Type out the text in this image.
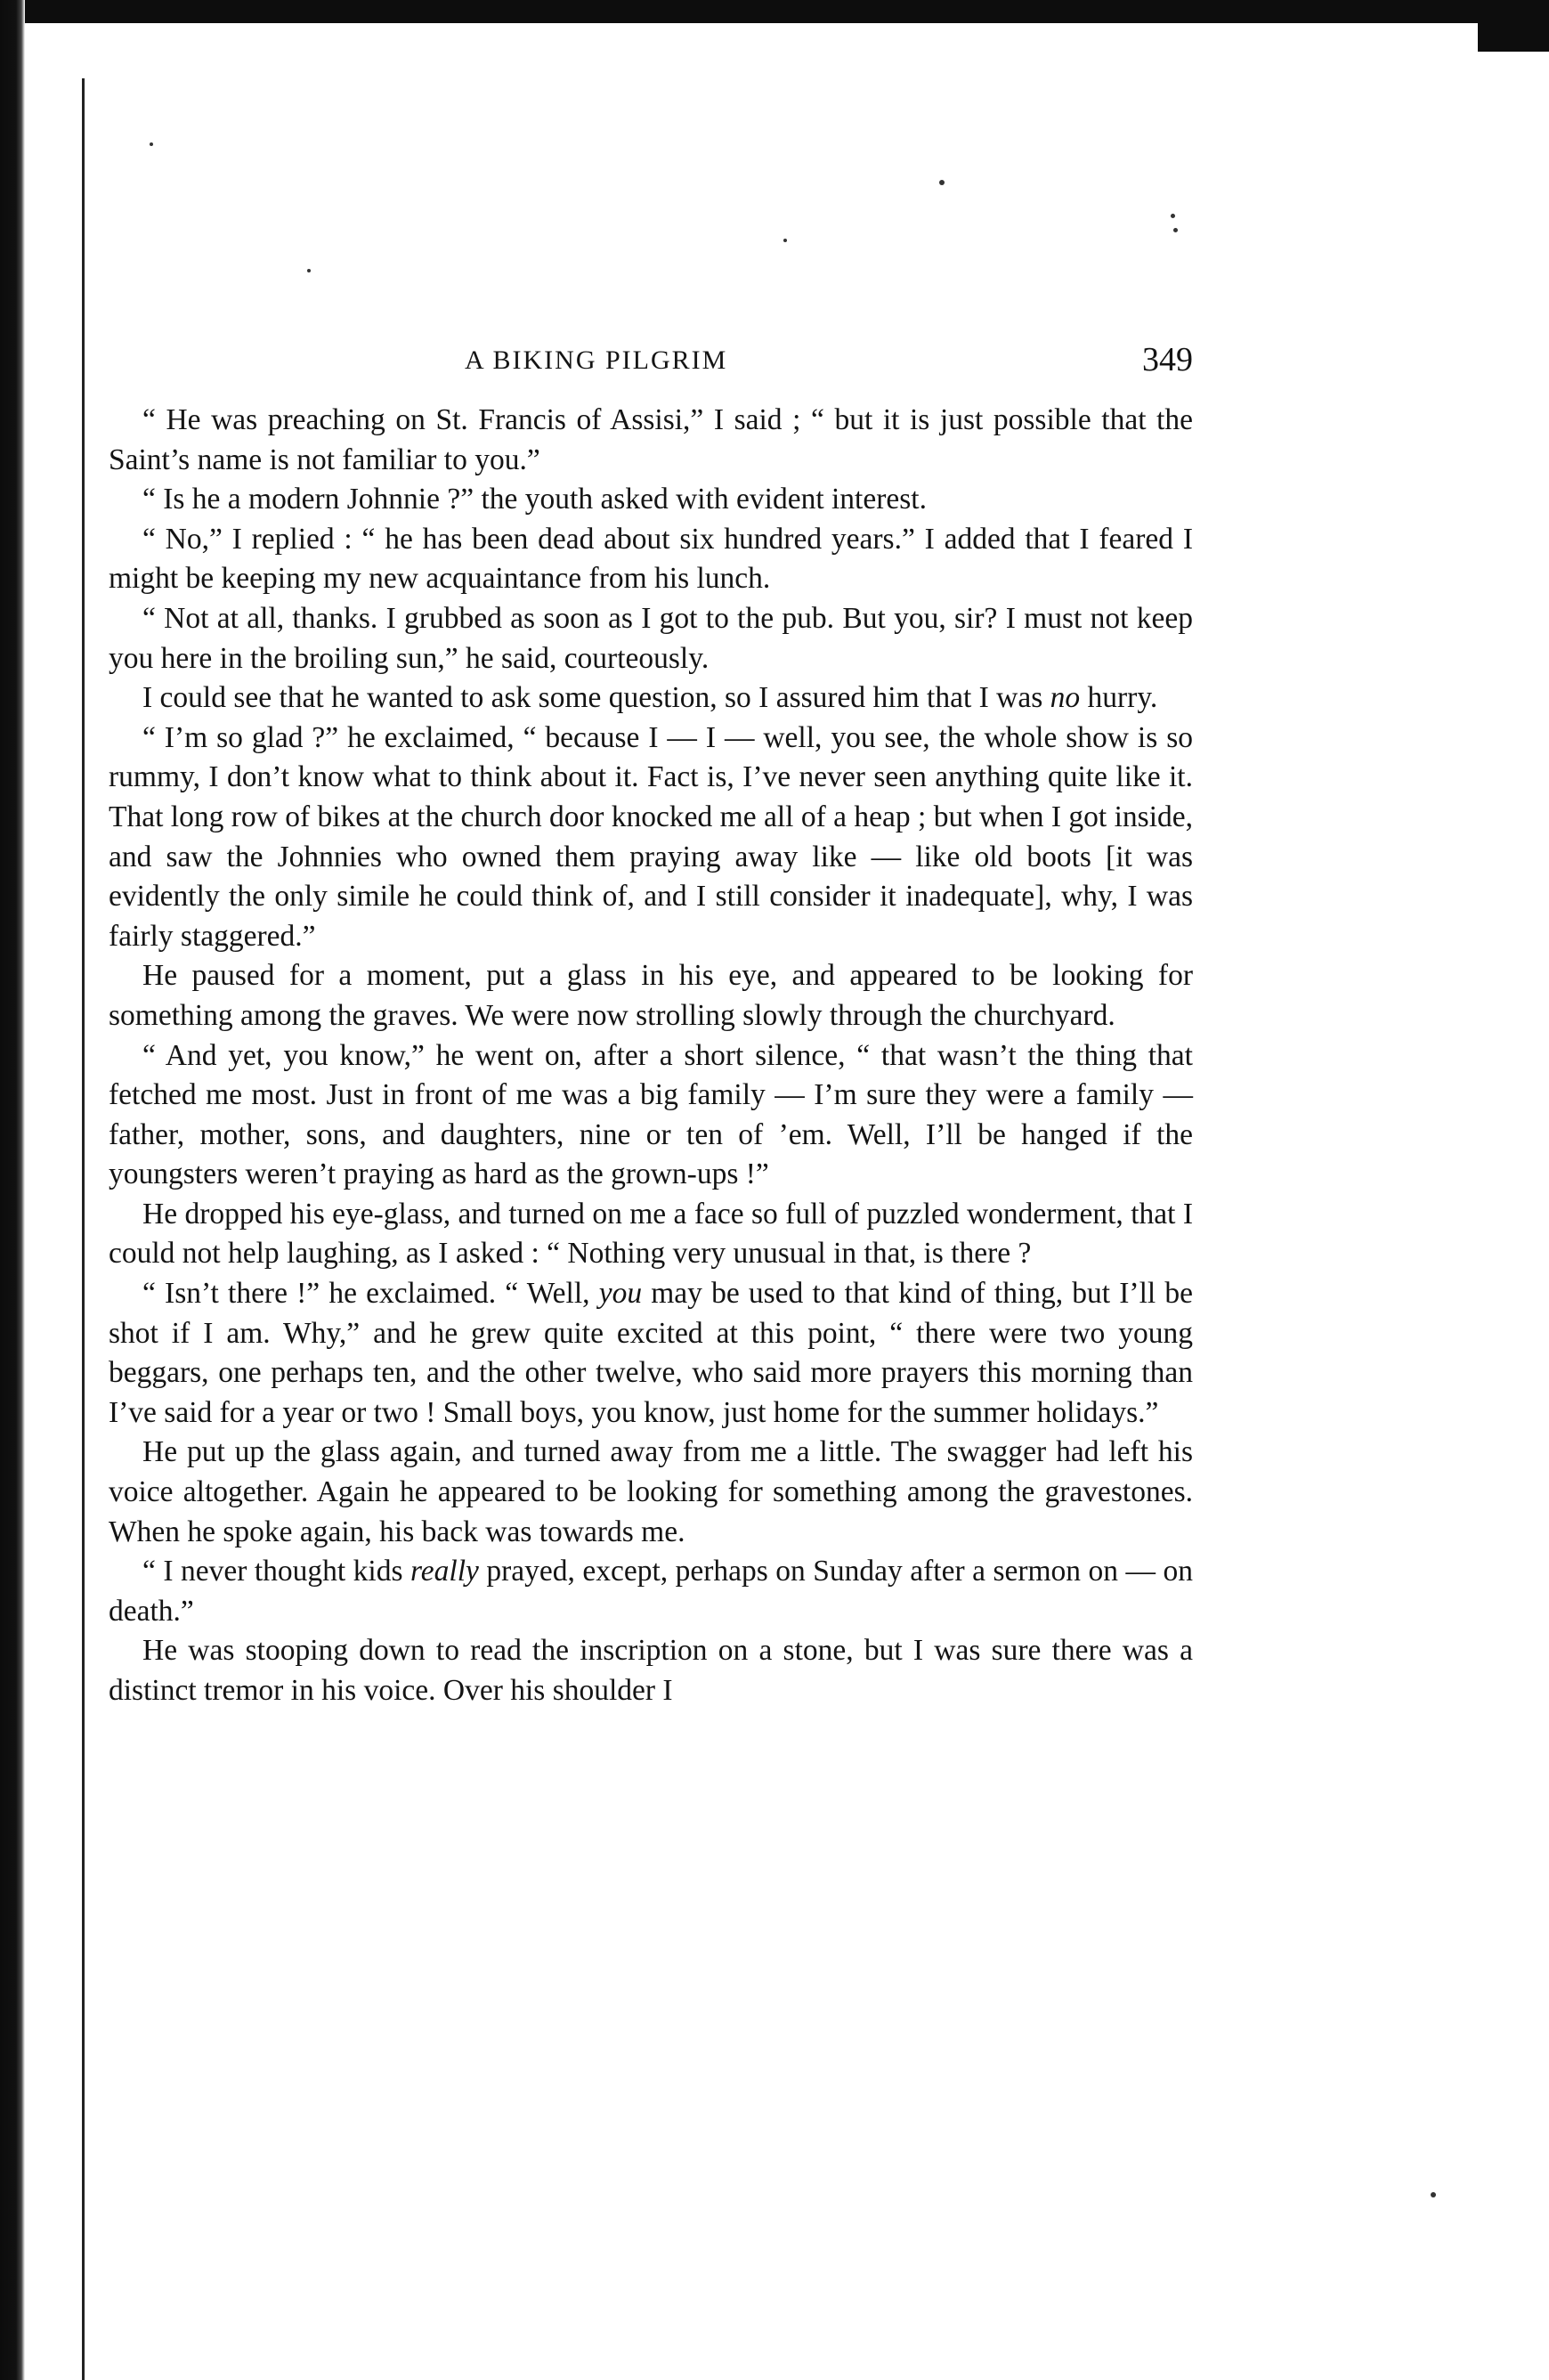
A BIKING PILGRIM	349

“ He was preaching on St. Francis of Assisi,” I said ; “ but it is just possible that the Saint’s name is not familiar to you.”

“ Is he a modern Johnnie ?” the youth asked with evident interest.

“ No,” I replied : “ he has been dead about six hundred years.” I added that I feared I might be keeping my new acquaintance from his lunch.

“ Not at all, thanks. I grubbed as soon as I got to the pub. But you, sir? I must not keep you here in the broiling sun,” he said, courteously.

I could see that he wanted to ask some question, so I assured him that I was no hurry.

“ I’m so glad ?” he exclaimed, “ because I — I — well, you see, the whole show is so rummy, I don’t know what to think about it. Fact is, I’ve never seen anything quite like it. That long row of bikes at the church door knocked me all of a heap ; but when I got inside, and saw the Johnnies who owned them praying away like — like old boots [it was evidently the only simile he could think of, and I still consider it inadequate], why, I was fairly staggered.”

He paused for a moment, put a glass in his eye, and appeared to be looking for something among the graves. We were now strolling slowly through the churchyard.

“ And yet, you know,” he went on, after a short silence, “ that wasn’t the thing that fetched me most. Just in front of me was a big family — I’m sure they were a family — father, mother, sons, and daughters, nine or ten of ’em. Well, I’ll be hanged if the youngsters weren’t praying as hard as the grown-ups !”

He dropped his eye-glass, and turned on me a face so full of puzzled wonderment, that I could not help laughing, as I asked : “ Nothing very unusual in that, is there ?

“ Isn’t there !” he exclaimed. “ Well, you may be used to that kind of thing, but I’ll be shot if I am. Why,” and he grew quite excited at this point, “ there were two young beggars, one perhaps ten, and the other twelve, who said more prayers this morning than I’ve said for a year or two ! Small boys, you know, just home for the summer holidays.”

He put up the glass again, and turned away from me a little. The swagger had left his voice altogether. Again he appeared to be looking for something among the gravestones. When he spoke again, his back was towards me.

“ I never thought kids really prayed, except, perhaps on Sunday after a sermon on — on death.”

He was stooping down to read the inscription on a stone, but I was sure there was a distinct tremor in his voice. Over his shoulder I
